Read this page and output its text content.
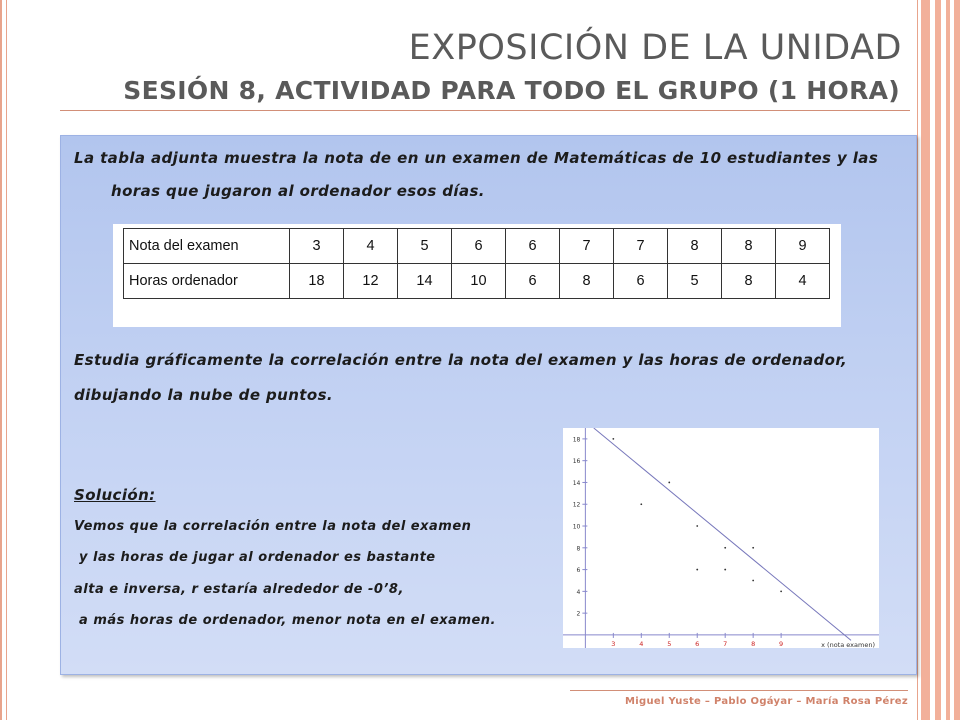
EXPOSICIÓN DE LA UNIDAD
SESIÓN 8, ACTIVIDAD PARA TODO EL GRUPO (1 HORA)
La tabla adjunta muestra la nota de en un examen de Matemáticas de 10 estudiantes y las
horas que jugaron al ordenador esos días.
Nota del examen	3	4	5	6	6	7	7	8	8	9
Horas ordenador	18	12	14	10	6	8	6	5	8	4
Estudia gráficamente la correlación entre la nota del examen y las horas de ordenador,
dibujando la nube de puntos.
Solución:
Vemos que la correlación entre la nota del examen
y las horas de jugar al ordenador es bastante
alta e inversa, r estaría alrededor de -0’8,
a más horas de ordenador, menor nota en el examen.	2
4
6
8
10
12
14
16
18
3	4	5	6	7	8	9	x (nota examen)
Miguel Yuste – Pablo Ogáyar – María Rosa Pérez
